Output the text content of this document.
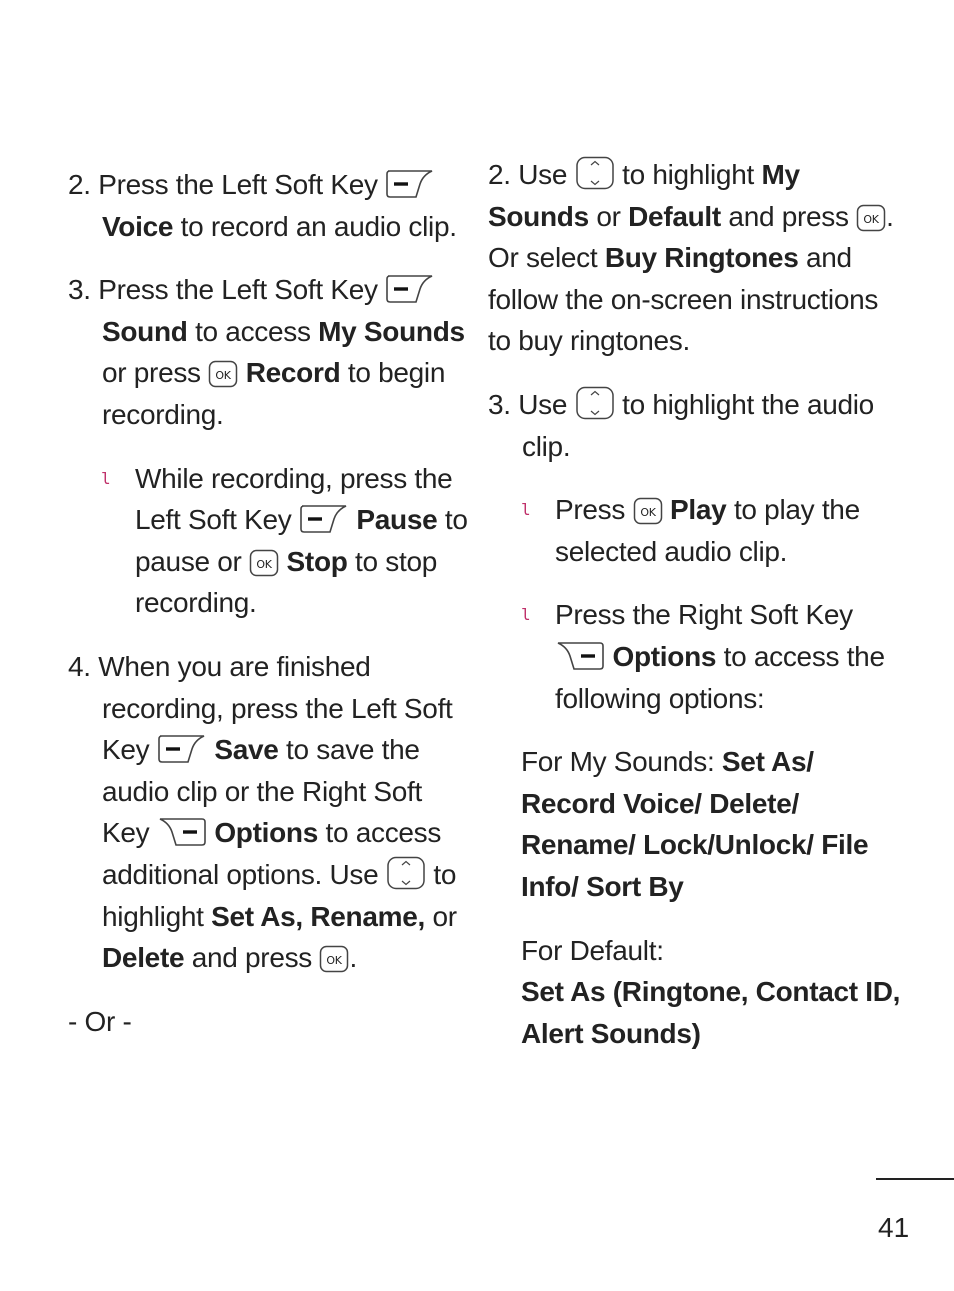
2. Press the Left Soft Key  Voice to record an audio clip.

3. Press the Left Soft Key  Sound to access My Sounds or press OK Record to begin recording.

l While recording, press the Left Soft Key Pause to pause or OK Stop to stop recording.

4. When you are finished recording, press the Left Soft Key Save to save the audio clip or the Right Soft Key Options to access additional options. Use to highlight Set As, Rename, or Delete and press OK .

- Or -

2. Use to highlight My Sounds or Default and press OK . Or select Buy Ringtones and follow the on-screen instructions to buy ringtones.

3. Use to highlight the audio clip.

l Press OK Play to play the selected audio clip.

l Press the Right Soft Key  Options to access the following options:

For My Sounds: Set As/ Record Voice/ Delete/ Rename/ Lock/Unlock/ File Info/ Sort By

For Default:
Set As (Ringtone, Contact ID, Alert Sounds)

41
